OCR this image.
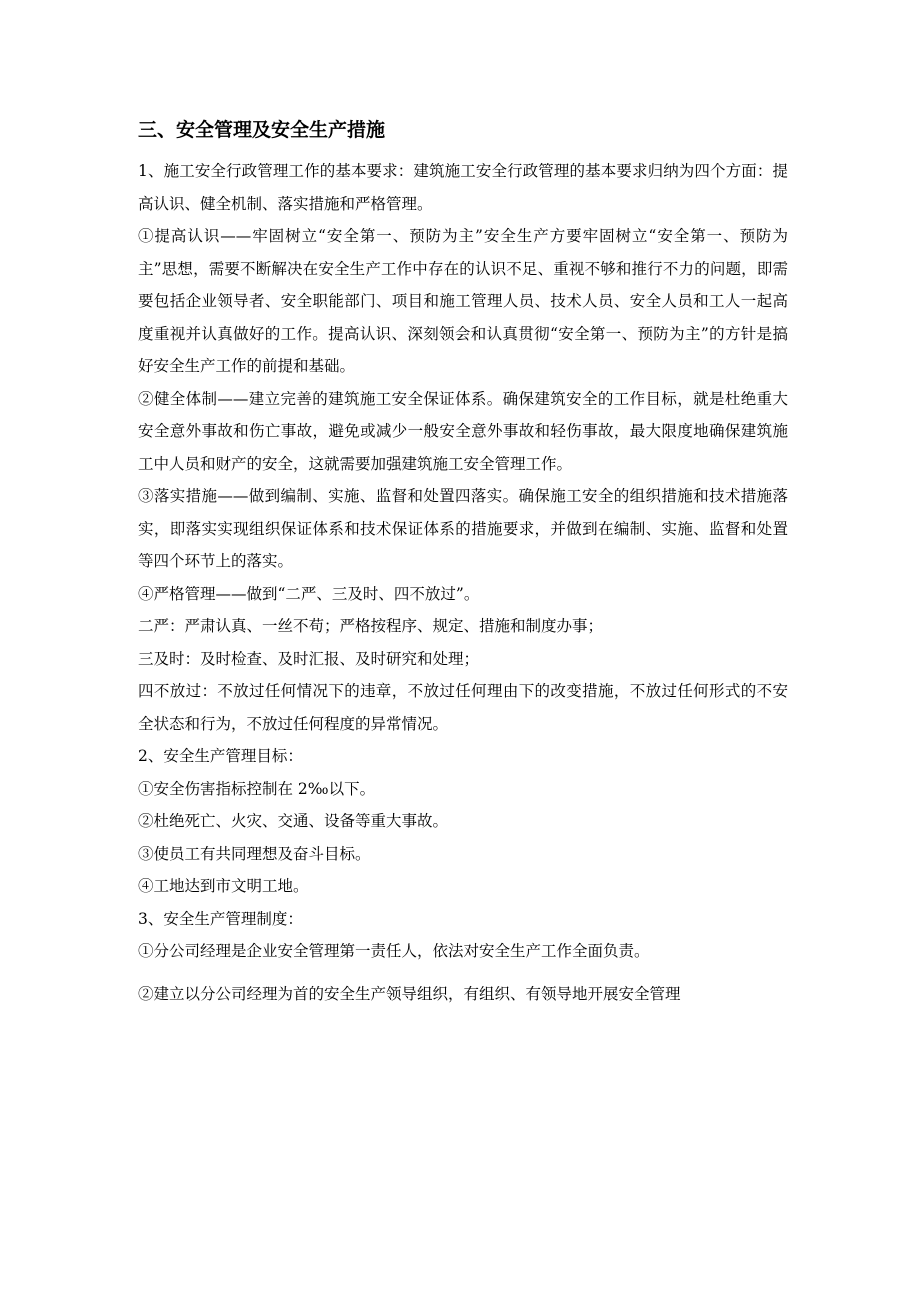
三、安全管理及安全生产措施

1、施工安全行政管理工作的基本要求：建筑施工安全行政管理的基本要求归纳为四个方面：提高认识、健全机制、落实措施和严格管理。

①提高认识——牢固树立“安全第一、预防为主”安全生产方要牢固树立“安全第一、预防为主”思想，需要不断解决在安全生产工作中存在的认识不足、重视不够和推行不力的问题，即需要包括企业领导者、安全职能部门、项目和施工管理人员、技术人员、安全人员和工人一起高度重视并认真做好的工作。提高认识、深刻领会和认真贯彻“安全第一、预防为主”的方针是搞好安全生产工作的前提和基础。

②健全体制——建立完善的建筑施工安全保证体系。确保建筑安全的工作目标，就是杜绝重大安全意外事故和伤亡事故，避免或减少一般安全意外事故和轻伤事故，最大限度地确保建筑施工中人员和财产的安全，这就需要加强建筑施工安全管理工作。

③落实措施——做到编制、实施、监督和处置四落实。确保施工安全的组织措施和技术措施落实，即落实实现组织保证体系和技术保证体系的措施要求，并做到在编制、实施、监督和处置等四个环节上的落实。

④严格管理——做到“二严、三及时、四不放过”。

二严：严肃认真、一丝不苟；严格按程序、规定、措施和制度办事；

三及时：及时检查、及时汇报、及时研究和处理；

四不放过：不放过任何情况下的违章，不放过任何理由下的改变措施，不放过任何形式的不安全状态和行为，不放过任何程度的异常情况。

2、安全生产管理目标：

①安全伤害指标控制在 2‰以下。

②杜绝死亡、火灾、交通、设备等重大事故。

③使员工有共同理想及奋斗目标。

④工地达到市文明工地。

3、安全生产管理制度：

①分公司经理是企业安全管理第一责任人，依法对安全生产工作全面负责。

②建立以分公司经理为首的安全生产领导组织，有组织、有领导地开展安全管理
